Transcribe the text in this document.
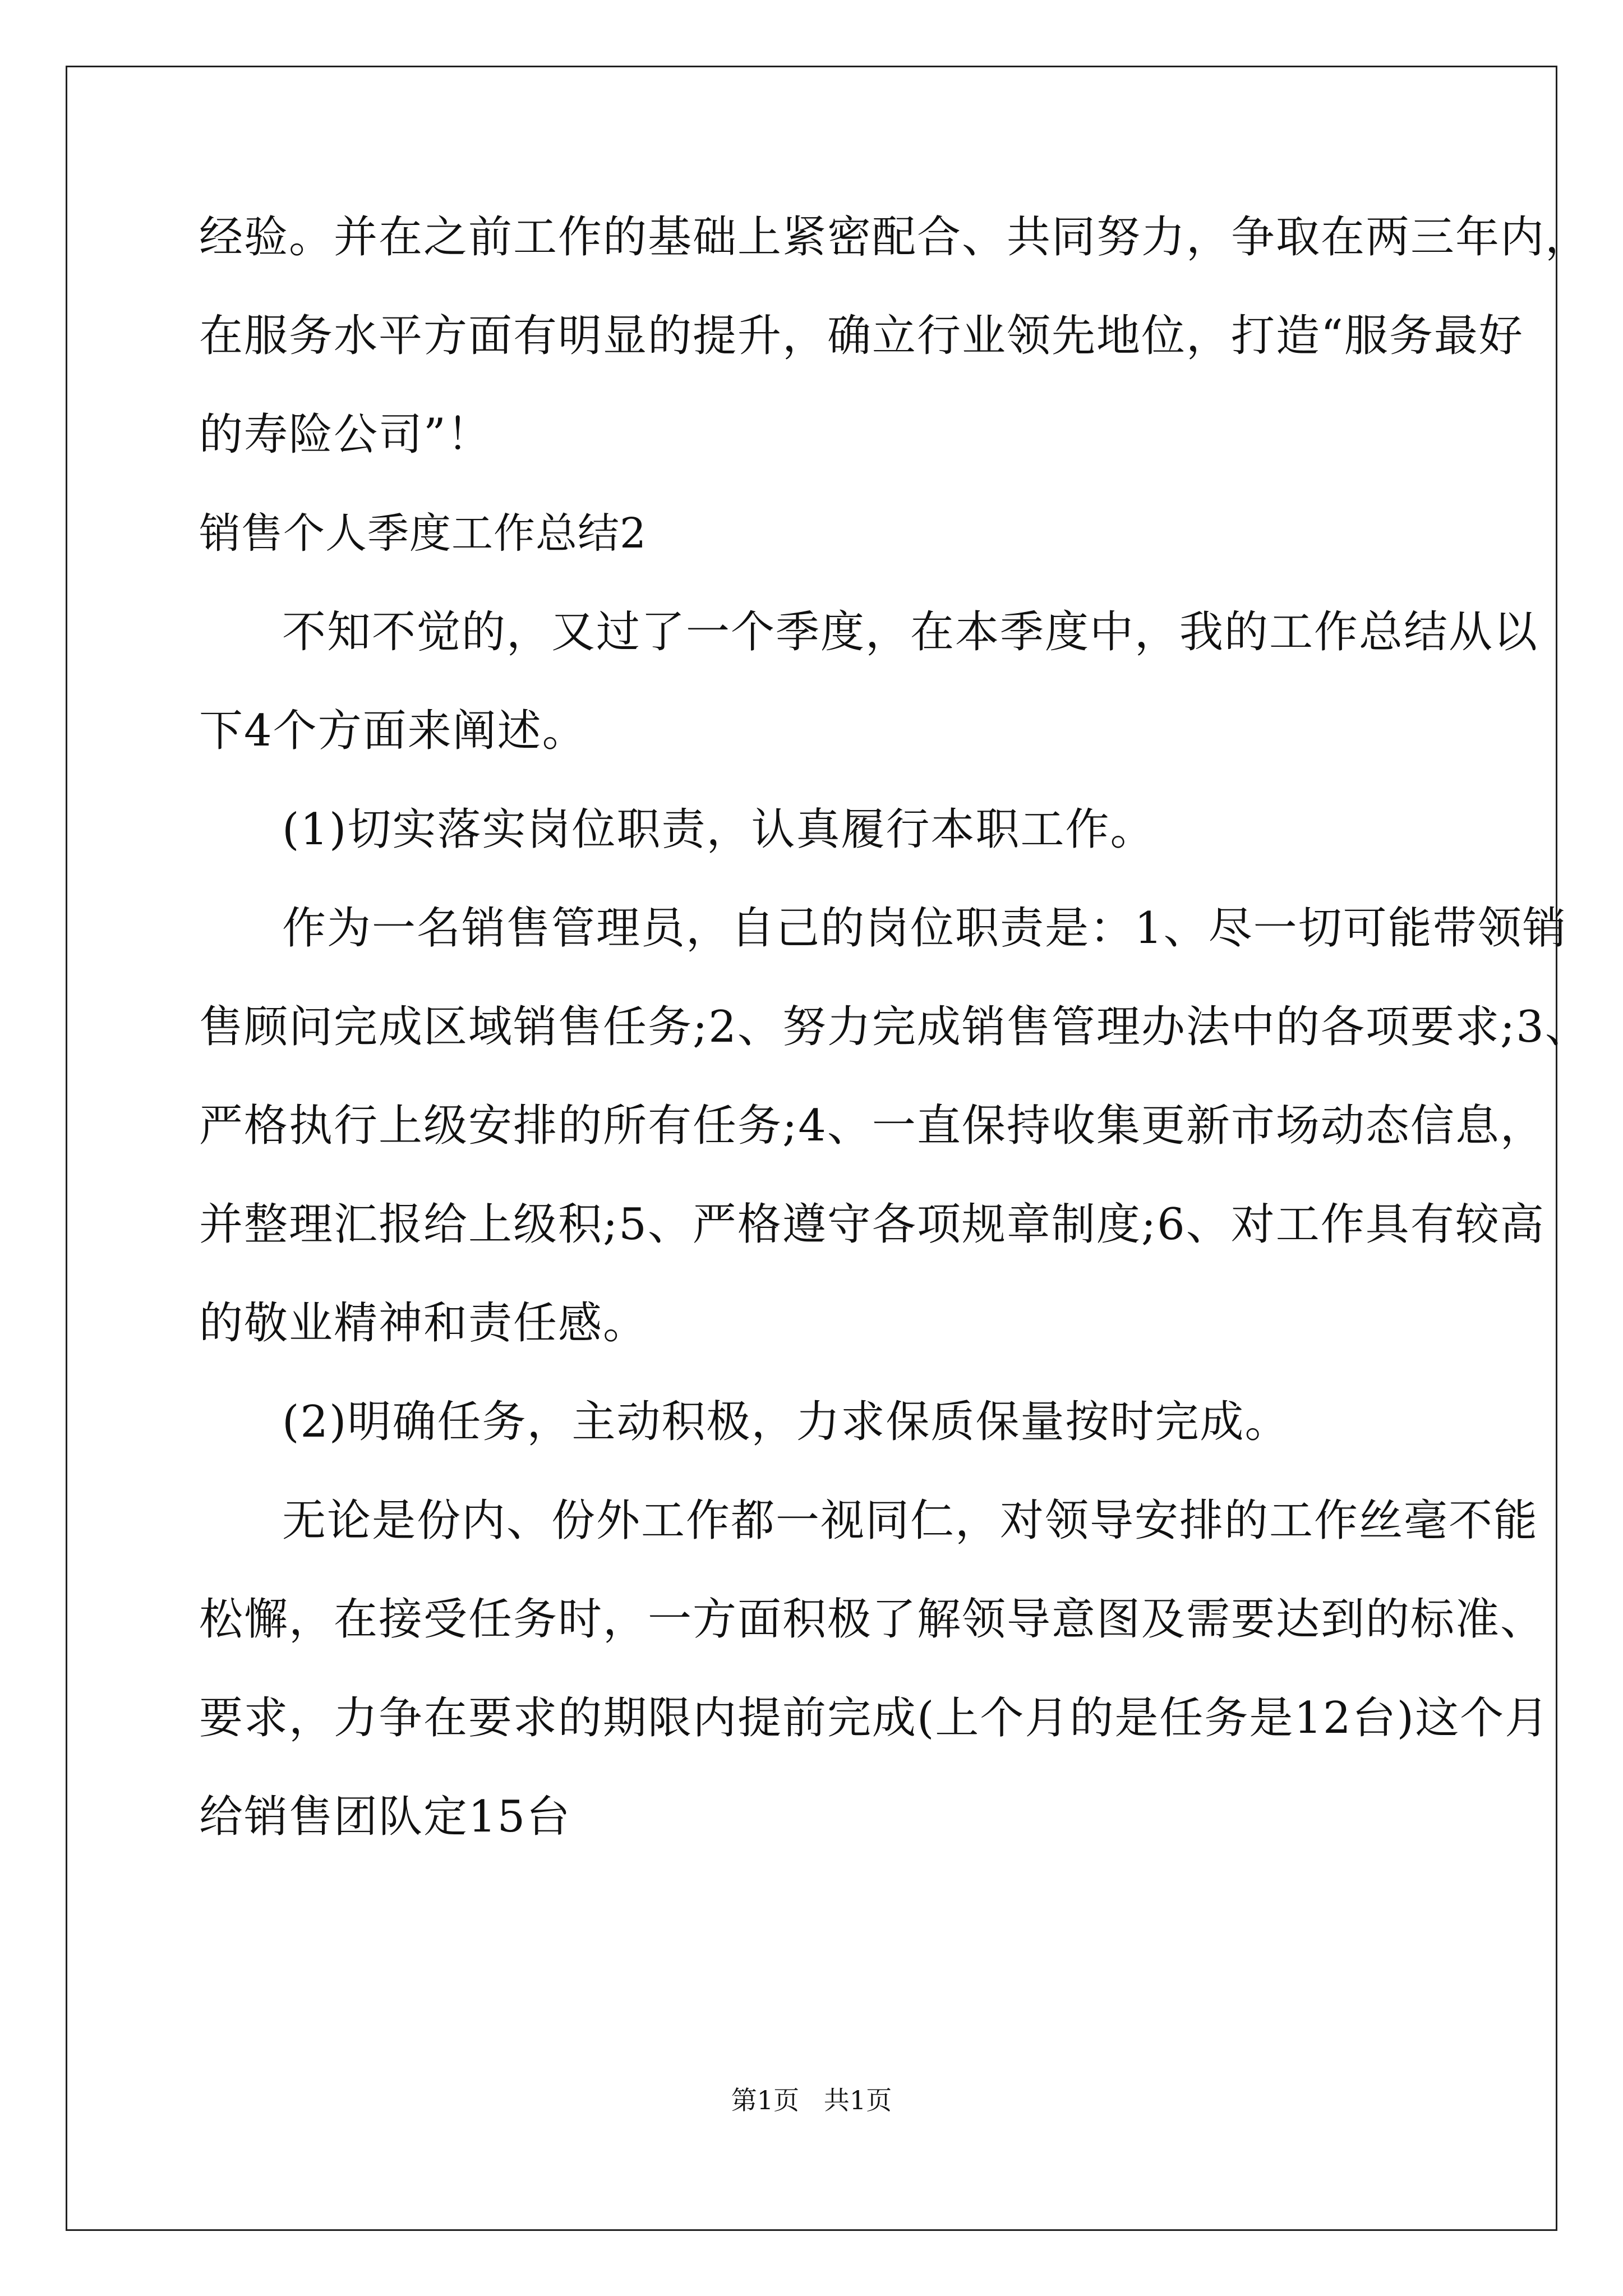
经验。并在之前工作的基础上紧密配合、共同努力，争取在两三年内，
在服务水平方面有明显的提升，确立行业领先地位，打造“服务最好
的寿险公司”！
销售个人季度工作总结2
不知不觉的，又过了一个季度，在本季度中，我的工作总结从以
下4个方面来阐述。
(1)切实落实岗位职责，认真履行本职工作。
作为一名销售管理员，自己的岗位职责是：1、尽一切可能带领销
售顾问完成区域销售任务;2、努力完成销售管理办法中的各项要求;3、
严格执行上级安排的所有任务;4、一直保持收集更新市场动态信息，
并整理汇报给上级积;5、严格遵守各项规章制度;6、对工作具有较高
的敬业精神和责任感。
(2)明确任务，主动积极，力求保质保量按时完成。
无论是份内、份外工作都一视同仁，对领导安排的工作丝毫不能
松懈，在接受任务时，一方面积极了解领导意图及需要达到的标准、
要求，力争在要求的期限内提前完成(上个月的是任务是12台)这个月
给销售团队定15台
第1页   共1页
